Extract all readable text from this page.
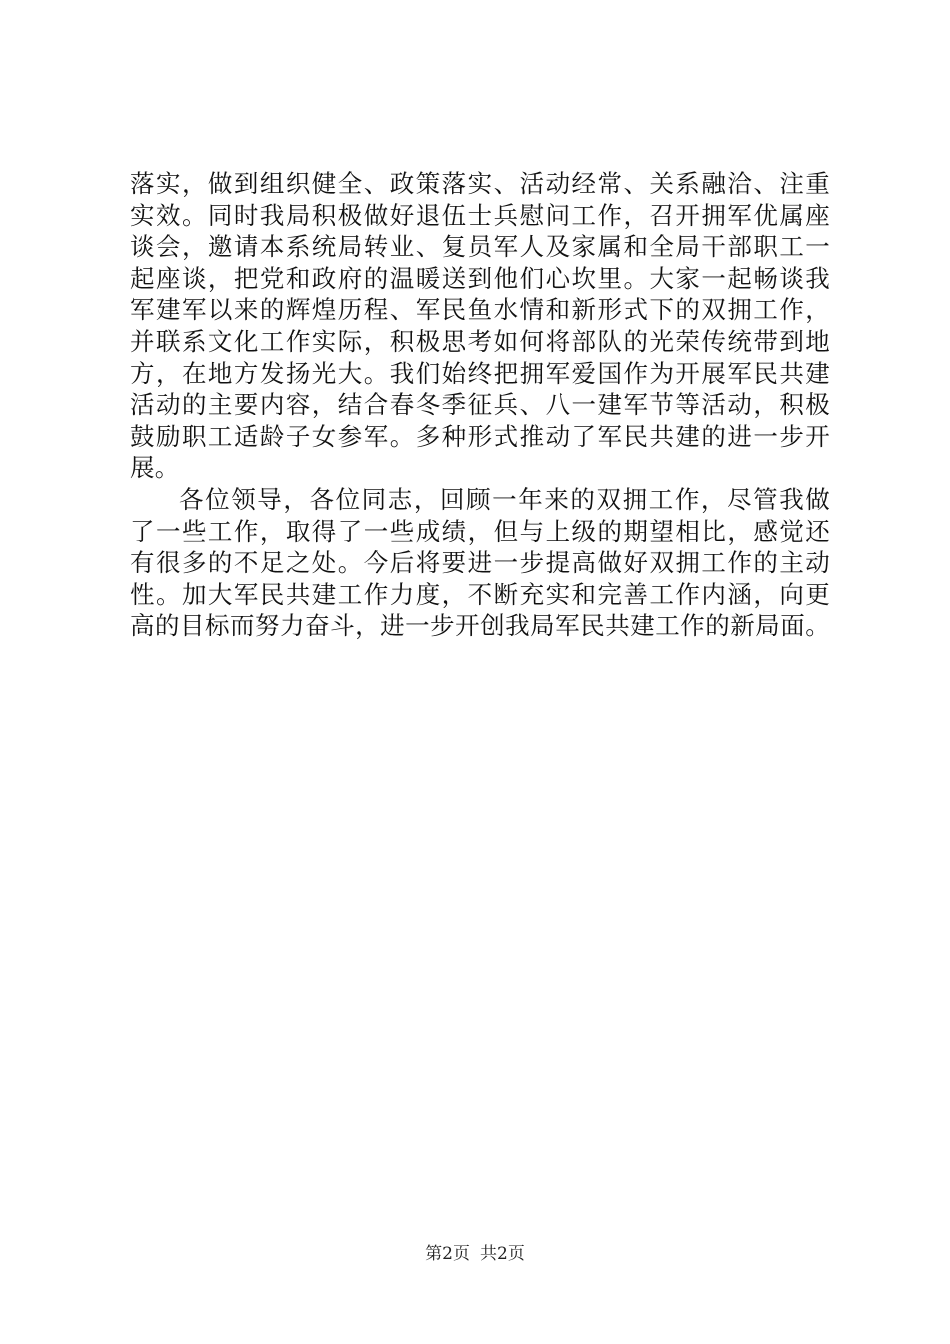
落实，做到组织健全、政策落实、活动经常、关系融洽、注重
实效。同时我局积极做好退伍士兵慰问工作，召开拥军优属座
谈会，邀请本系统局转业、复员军人及家属和全局干部职工一
起座谈，把党和政府的温暖送到他们心坎里。大家一起畅谈我
军建军以来的辉煌历程、军民鱼水情和新形式下的双拥工作，
并联系文化工作实际，积极思考如何将部队的光荣传统带到地
方，在地方发扬光大。我们始终把拥军爱国作为开展军民共建
活动的主要内容，结合春冬季征兵、八一建军节等活动，积极
鼓励职工适龄子女参军。多种形式推动了军民共建的进一步开
展。
各位领导，各位同志，回顾一年来的双拥工作，尽管我做
了一些工作，取得了一些成绩，但与上级的期望相比，感觉还
有很多的不足之处。今后将要进一步提高做好双拥工作的主动
性。加大军民共建工作力度，不断充实和完善工作内涵，向更
高的目标而努力奋斗，进一步开创我局军民共建工作的新局面。
第2页 共2页
